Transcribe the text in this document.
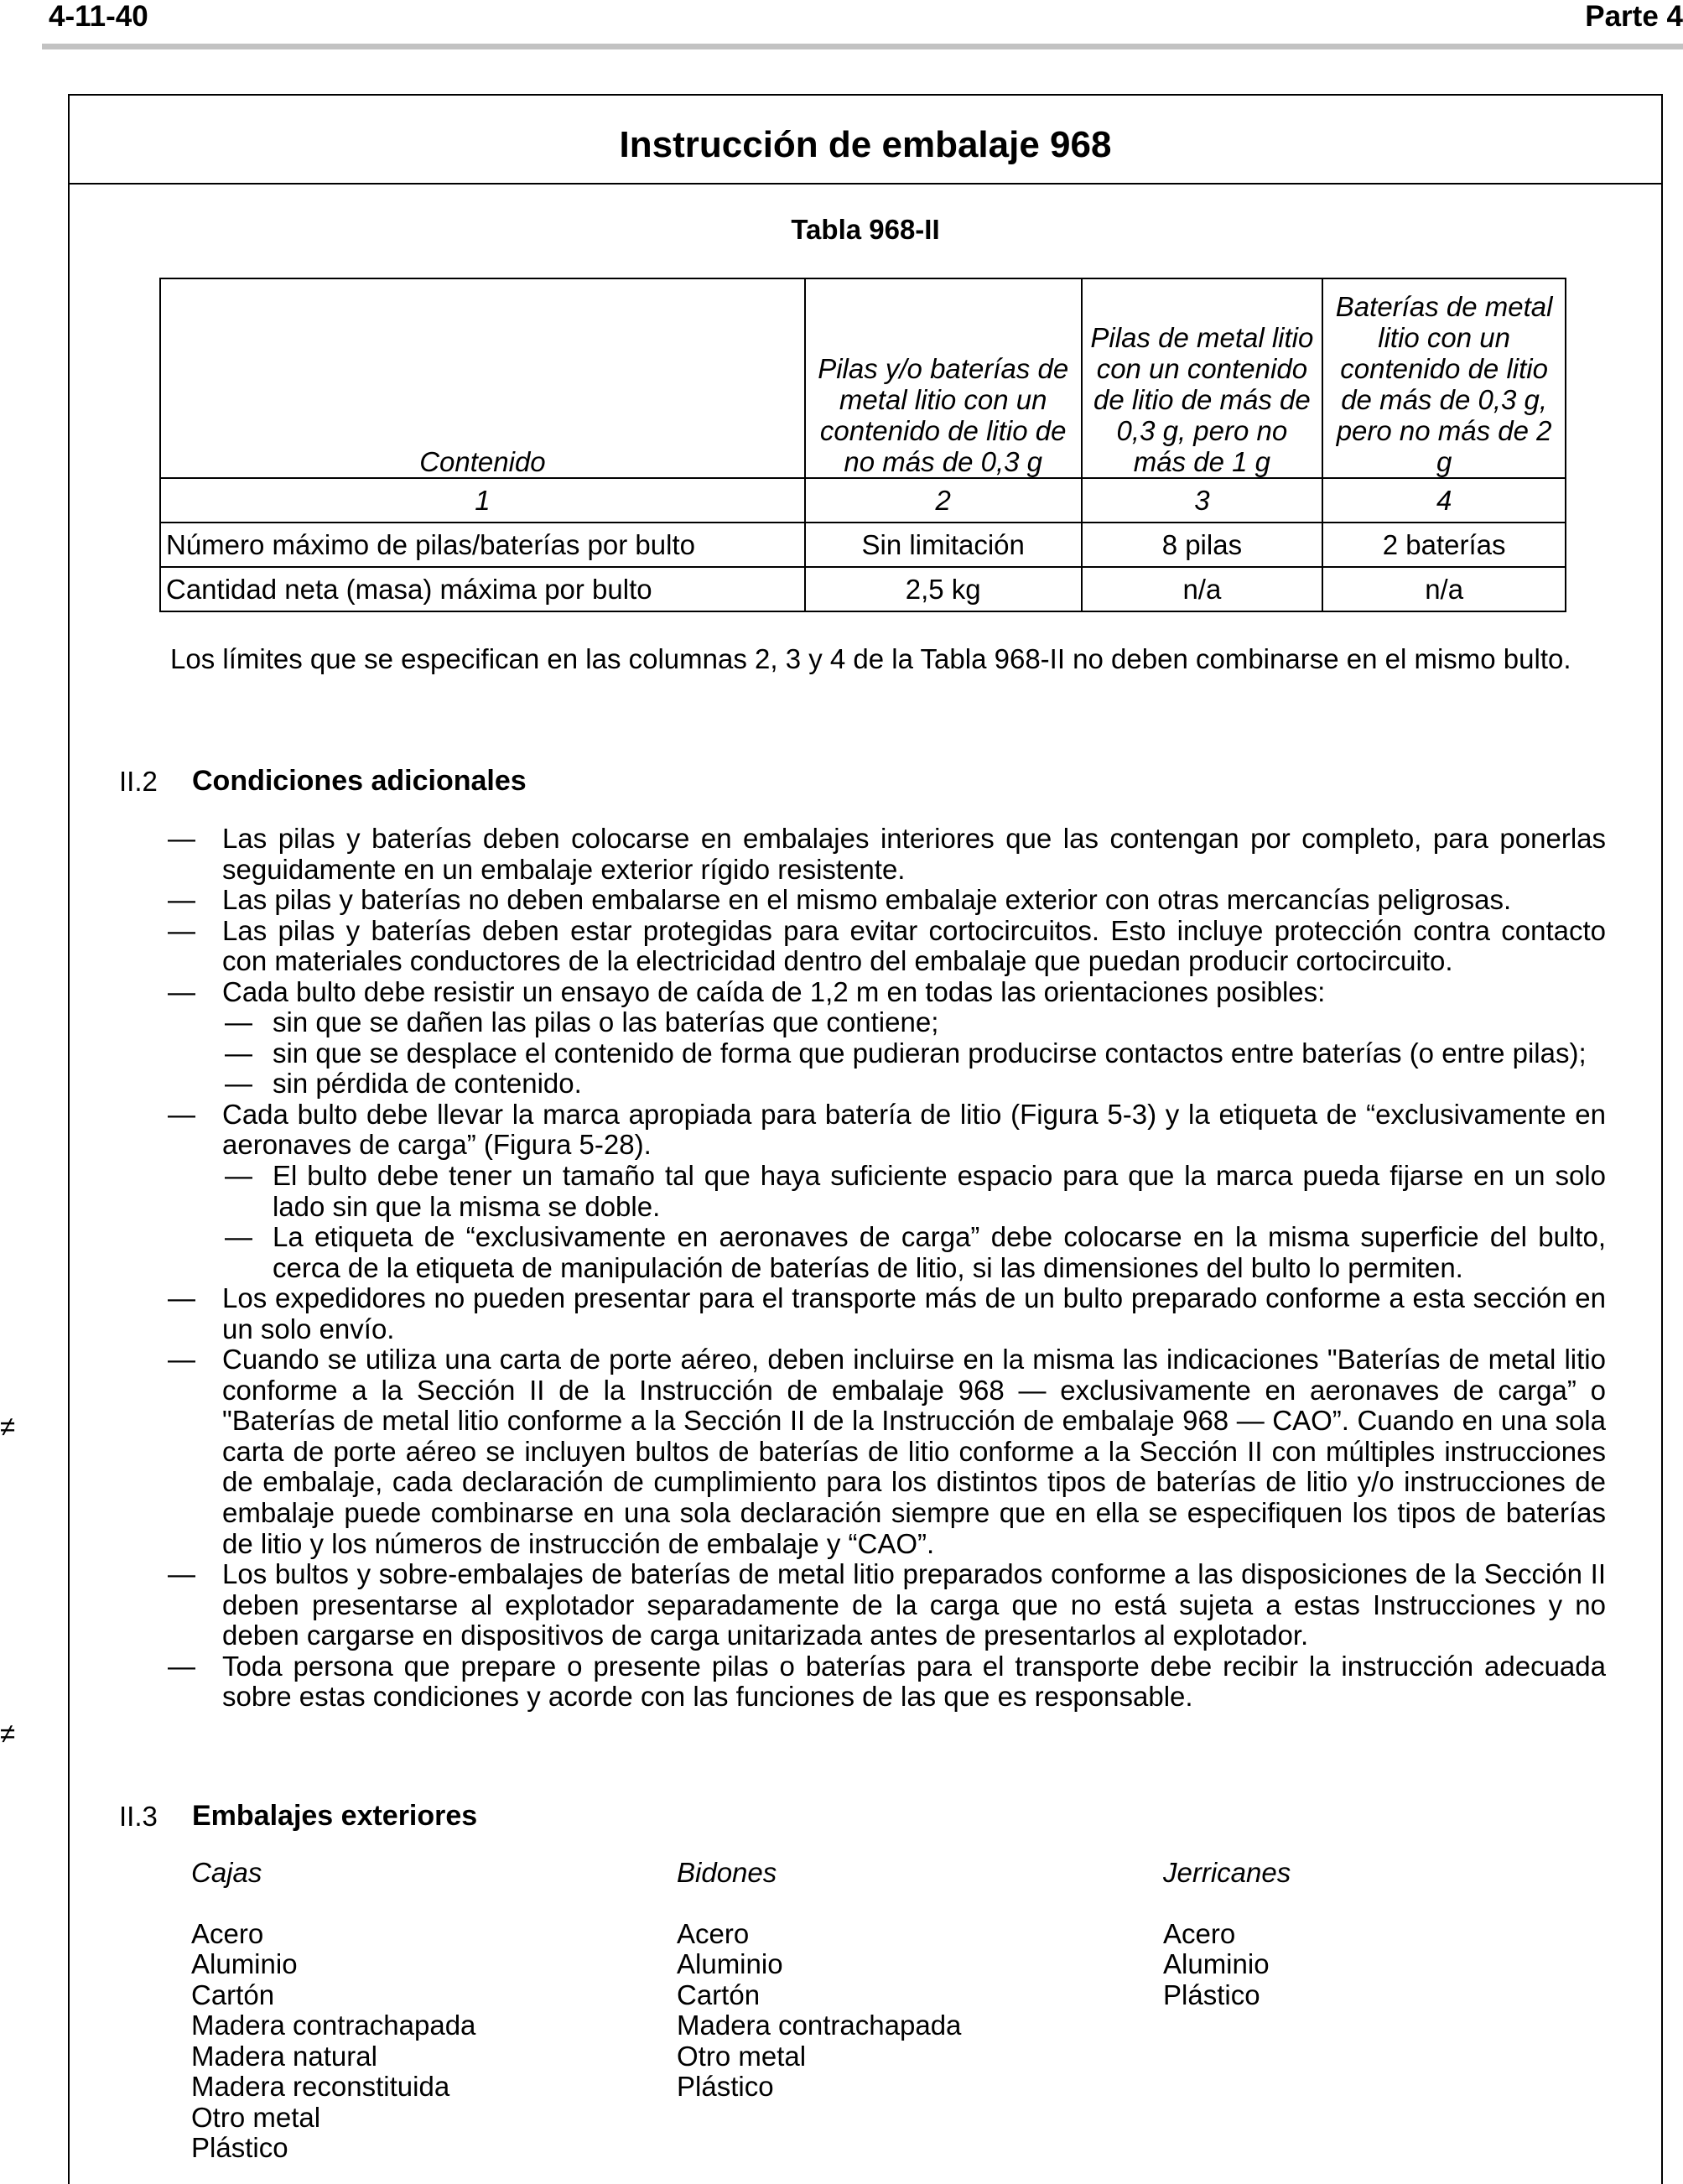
4-11-40	Parte 4
Instrucción de embalaje 968
Tabla 968-II
Contenido	Pilas y/o baterías de metal litio con un contenido de litio de no más de 0,3 g	Pilas de metal litio con un contenido de litio de más de 0,3 g, pero no más de 1 g	Baterías de metal litio con un contenido de litio de más de 0,3 g, pero no más de 2 g
1	2	3	4
Número máximo de pilas/baterías por bulto	Sin limitación	8 pilas	2 baterías
Cantidad neta (masa) máxima por bulto	2,5 kg	n/a	n/a
Los límites que se especifican en las columnas 2, 3 y 4 de la Tabla 968-II no deben combinarse en el mismo bulto.
II.2 Condiciones adicionales
≠
≠
— Las pilas y baterías deben colocarse en embalajes interiores que las contengan por completo, para ponerlas seguidamente en un embalaje exterior rígido resistente.
— Las pilas y baterías no deben embalarse en el mismo embalaje exterior con otras mercancías peligrosas.
— Las pilas y baterías deben estar protegidas para evitar cortocircuitos. Esto incluye protección contra contacto con materiales conductores de la electricidad dentro del embalaje que puedan producir cortocircuito.
— Cada bulto debe resistir un ensayo de caída de 1,2 m en todas las orientaciones posibles:
— sin que se dañen las pilas o las baterías que contiene;
— sin que se desplace el contenido de forma que pudieran producirse contactos entre baterías (o entre pilas);
— sin pérdida de contenido.
— Cada bulto debe llevar la marca apropiada para batería de litio (Figura 5-3) y la etiqueta de “exclusivamente en aeronaves de carga” (Figura 5-28).
— El bulto debe tener un tamaño tal que haya suficiente espacio para que la marca pueda fijarse en un solo lado sin que la misma se doble.
— La etiqueta de “exclusivamente en aeronaves de carga” debe colocarse en la misma superficie del bulto, cerca de la etiqueta de manipulación de baterías de litio, si las dimensiones del bulto lo permiten.
— Los expedidores no pueden presentar para el transporte más de un bulto preparado conforme a esta sección en un solo envío.
— Cuando se utiliza una carta de porte aéreo, deben incluirse en la misma las indicaciones "Baterías de metal litio conforme a la Sección II de la Instrucción de embalaje 968 — exclusivamente en aeronaves de carga” o "Baterías de metal litio conforme a la Sección II de la Instrucción de embalaje 968 — CAO”. Cuando en una sola carta de porte aéreo se incluyen bultos de baterías de litio conforme a la Sección II con múltiples instrucciones de embalaje, cada declaración de cumplimiento para los distintos tipos de baterías de litio y/o instrucciones de embalaje puede combinarse en una sola declaración siempre que en ella se especifiquen los tipos de baterías de litio y los números de instrucción de embalaje y “CAO”.
— Los bultos y sobre-embalajes de baterías de metal litio preparados conforme a las disposiciones de la Sección II deben presentarse al explotador separadamente de la carga que no está sujeta a estas Instrucciones y no deben cargarse en dispositivos de carga unitarizada antes de presentarlos al explotador.
— Toda persona que prepare o presente pilas o baterías para el transporte debe recibir la instrucción adecuada sobre estas condiciones y acorde con las funciones de las que es responsable.
II.3 Embalajes exteriores
Cajas
Acero
Aluminio
Cartón
Madera contrachapada
Madera natural
Madera reconstituida
Otro metal
Plástico
Bidones
Acero
Aluminio
Cartón
Madera contrachapada
Otro metal
Plástico
Jerricanes
Acero
Aluminio
Plástico
